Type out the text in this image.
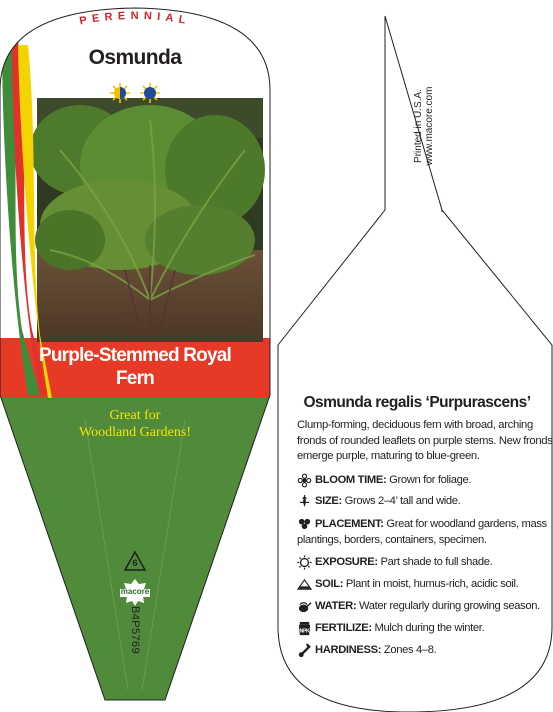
PERENNIAL
Osmunda
Purple-Stemmed Royal
Fern
Great for
Woodland Gardens!
6
macore
B4P5769
Printed in U.S.A. www.macore.com
Osmunda regalis ‘Purpurascens’
Clump-forming, deciduous fern with broad, arching
fronds of rounded leaflets on purple stems. New fronds
emerge purple, maturing to blue-green.
BLOOM TIME: Grown for foliage.
SIZE: Grows 2–4’ tall and wide.
PLACEMENT: Great for woodland gardens, mass
plantings, borders, containers, specimen.
EXPOSURE: Part shade to full shade.
SOIL: Plant in moist, humus-rich, acidic soil.
WATER: Water regularly during growing season.
NPK FERTILIZE: Mulch during the winter.
HARDINESS: Zones 4–8.
